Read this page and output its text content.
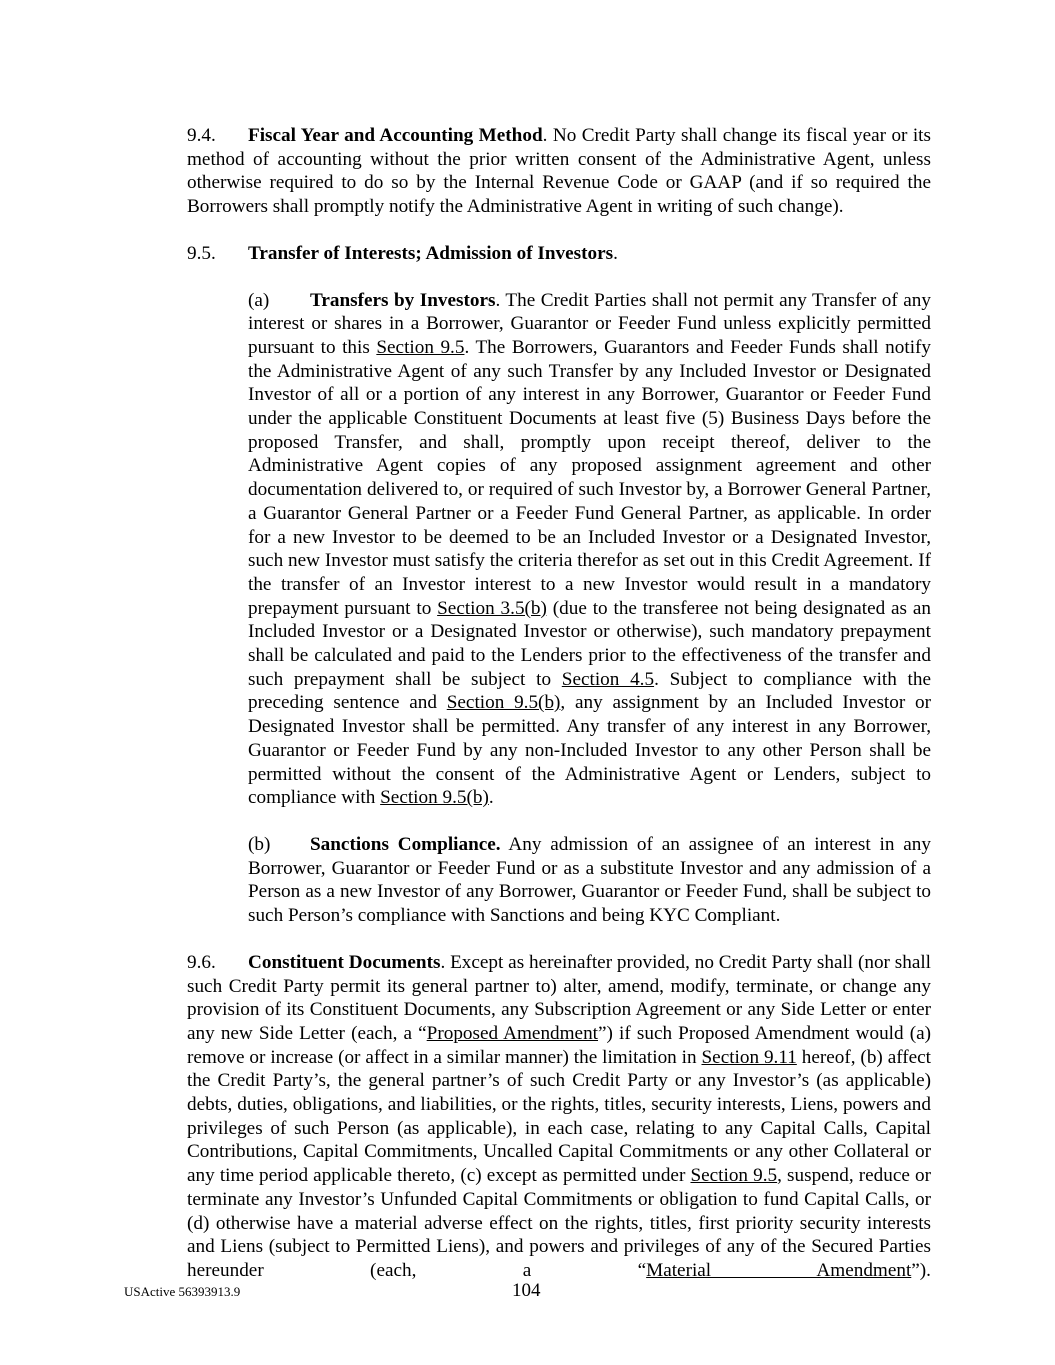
9.4. Fiscal Year and Accounting Method. No Credit Party shall change its fiscal year or its method of accounting without the prior written consent of the Administrative Agent, unless otherwise required to do so by the Internal Revenue Code or GAAP (and if so required the Borrowers shall promptly notify the Administrative Agent in writing of such change).

9.5. Transfer of Interests; Admission of Investors.

(a) Transfers by Investors. The Credit Parties shall not permit any Transfer of any interest or shares in a Borrower, Guarantor or Feeder Fund unless explicitly permitted pursuant to this Section 9.5. The Borrowers, Guarantors and Feeder Funds shall notify the Administrative Agent of any such Transfer by any Included Investor or Designated Investor of all or a portion of any interest in any Borrower, Guarantor or Feeder Fund under the applicable Constituent Documents at least five (5) Business Days before the proposed Transfer, and shall, promptly upon receipt thereof, deliver to the Administrative Agent copies of any proposed assignment agreement and other documentation delivered to, or required of such Investor by, a Borrower General Partner, a Guarantor General Partner or a Feeder Fund General Partner, as applicable. In order for a new Investor to be deemed to be an Included Investor or a Designated Investor, such new Investor must satisfy the criteria therefor as set out in this Credit Agreement. If the transfer of an Investor interest to a new Investor would result in a mandatory prepayment pursuant to Section 3.5(b) (due to the transferee not being designated as an Included Investor or a Designated Investor or otherwise), such mandatory prepayment shall be calculated and paid to the Lenders prior to the effectiveness of the transfer and such prepayment shall be subject to Section 4.5. Subject to compliance with the preceding sentence and Section 9.5(b), any assignment by an Included Investor or Designated Investor shall be permitted. Any transfer of any interest in any Borrower, Guarantor or Feeder Fund by any non-Included Investor to any other Person shall be permitted without the consent of the Administrative Agent or Lenders, subject to compliance with Section 9.5(b).

(b) Sanctions Compliance. Any admission of an assignee of an interest in any Borrower, Guarantor or Feeder Fund or as a substitute Investor and any admission of a Person as a new Investor of any Borrower, Guarantor or Feeder Fund, shall be subject to such Person’s compliance with Sanctions and being KYC Compliant.

9.6. Constituent Documents. Except as hereinafter provided, no Credit Party shall (nor shall such Credit Party permit its general partner to) alter, amend, modify, terminate, or change any provision of its Constituent Documents, any Subscription Agreement or any Side Letter or enter any new Side Letter (each, a “Proposed Amendment”) if such Proposed Amendment would (a) remove or increase (or affect in a similar manner) the limitation in Section 9.11 hereof, (b) affect the Credit Party’s, the general partner’s of such Credit Party or any Investor’s (as applicable) debts, duties, obligations, and liabilities, or the rights, titles, security interests, Liens, powers and privileges of such Person (as applicable), in each case, relating to any Capital Calls, Capital Contributions, Capital Commitments, Uncalled Capital Commitments or any other Collateral or any time period applicable thereto, (c) except as permitted under Section 9.5, suspend, reduce or terminate any Investor’s Unfunded Capital Commitments or obligation to fund Capital Calls, or (d) otherwise have a material adverse effect on the rights, titles, first priority security interests and Liens (subject to Permitted Liens), and powers and privileges of any of the Secured Parties hereunder (each, a “Material Amendment”).

USActive 56393913.9	104
